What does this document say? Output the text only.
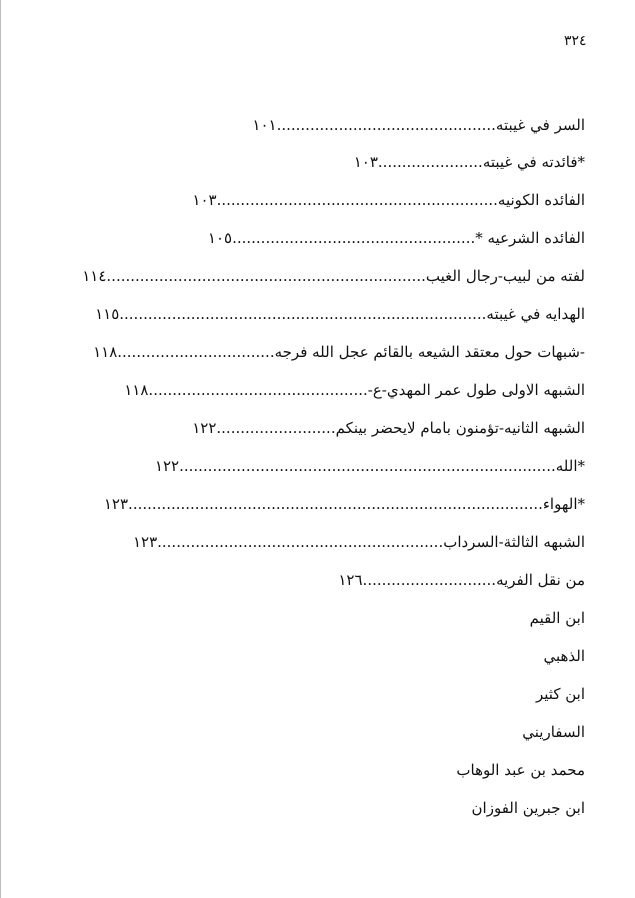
٣٢٤
السر في غيبته..............................................١٠١
*فائدته في غيبته......................١٠٣
الفائده الكونيه...........................................................١٠٣
الفائده الشرعيه *...................................................١٠٥
لفته من لبيب-رجال الغيب...................................................................١١٤
الهدايه في غيبته.............................................................................١١٥
-شبهات حول معتقد الشيعه بالقائم عجل الله فرجه.................................١١٨
الشبهه الاولى طول عمر المهدي-ع-..............................................١١٨
الشبهه الثانيه-تؤمنون بامام لايحضر بينكم.........................١٢٢
*الله...............................................................................١٢٢
*الهواء.......................................................................................١٢٣
الشبهه الثالثة-السرداب............................................................١٢٣
من نقل الفريه............................١٢٦
ابن القيم
الذهبي
ابن كثير
السفاريني
محمد بن عبد الوهاب
ابن جبرين الفوزان
